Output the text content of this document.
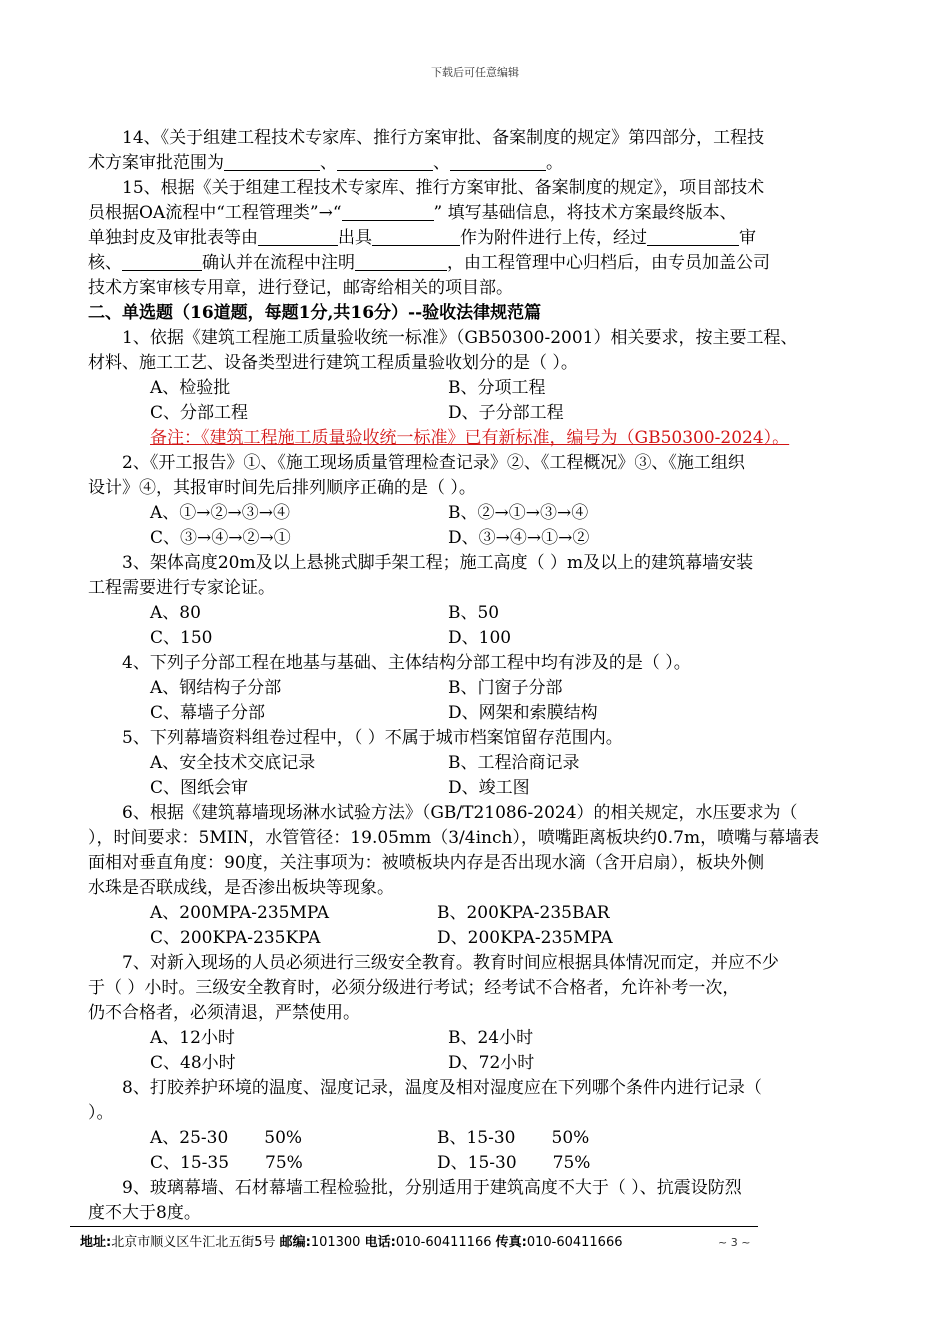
下载后可任意编辑
14、《关于组建工程技术专家库、推行方案审批、备案制度的规定》第四部分，工程技
术方案审批范围为	、	、	。
15、根据《关于组建工程技术专家库、推行方案审批、备案制度的规定》，项目部技术
员根据OA流程中“工程管理类”→“	” 填写基础信息，将技术方案最终版本、
单独封皮及审批表等由	出具	作为附件进行上传，经过	审
核、	确认并在流程中注明	，由工程管理中心归档后，由专员加盖公司
技术方案审核专用章，进行登记，邮寄给相关的项目部。
二、单选题（16道题，每题1分,共16分）--验收法律规范篇
1、依据《建筑工程施工质量验收统一标准》（GB50300-2001）相关要求，按主要工程、
材料、施工工艺、设备类型进行建筑工程质量验收划分的是（ ）。
A、检验批	B、分项工程
C、分部工程	D、子分部工程
备注：《建筑工程施工质量验收统一标准》已有新标准，编号为（GB50300-2024）。
2、《开工报告》①、《施工现场质量管理检查记录》②、《工程概况》③、《施工组织
设计》④，其报审时间先后排列顺序正确的是（ ）。
A、①→②→③→④	B、②→①→③→④
C、③→④→②→①	D、③→④→①→②
3、架体高度20m及以上悬挑式脚手架工程；施工高度（ ）m及以上的建筑幕墙安装
工程需要进行专家论证。
A、80	B、50
C、150	D、100
4、下列子分部工程在地基与基础、主体结构分部工程中均有涉及的是（ ）。
A、钢结构子分部	B、门窗子分部
C、幕墙子分部	D、网架和索膜结构
5、下列幕墙资料组卷过程中，（ ）不属于城市档案馆留存范围内。
A、安全技术交底记录	B、工程洽商记录
C、图纸会审	D、竣工图
6、根据《建筑幕墙现场淋水试验方法》（GB/T21086-2024）的相关规定，水压要求为（
），时间要求：5MIN，水管管径：19.05mm（3/4inch），喷嘴距离板块约0.7m，喷嘴与幕墙表
面相对垂直角度：90度，关注事项为：被喷板块内存是否出现水滴（含开启扇），板块外侧
水珠是否联成线，是否渗出板块等现象。
A、200MPA-235MPA	B、200KPA-235BAR
C、200KPA-235KPA	D、200KPA-235MPA
7、对新入现场的人员必须进行三级安全教育。教育时间应根据具体情况而定，并应不少
于（ ）小时。三级安全教育时，必须分级进行考试；经考试不合格者，允许补考一次，
仍不合格者，必须清退，严禁使用。
A、12小时	B、24小时
C、48小时	D、72小时
8、打胶养护环境的温度、湿度记录，温度及相对湿度应在下列哪个条件内进行记录（
）。
A、25-30 50%	B、15-30 50%
C、15-35 75%	D、15-30 75%
9、玻璃幕墙、石材幕墙工程检验批，分别适用于建筑高度不大于（ ）、抗震设防烈
度不大于8度。
地址:北京市顺义区牛汇北五街5号 邮编:101300 电话:010-60411166 传真:010-60411666	~ 3 ~
